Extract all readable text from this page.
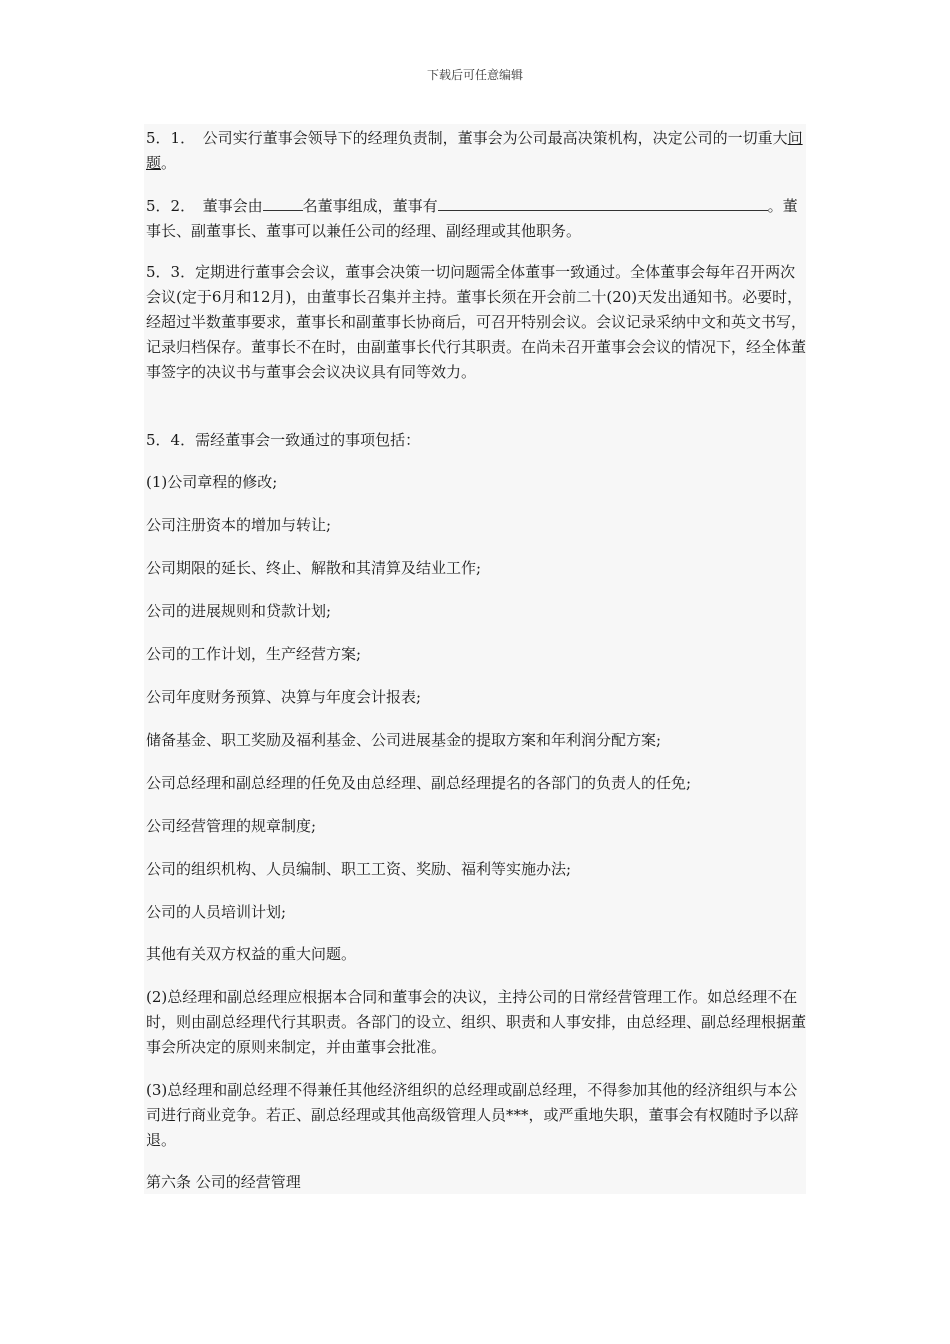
下载后可任意编辑

5．1．　公司实行董事会领导下的经理负责制，董事会为公司最高决策机构，决定公司的一切重大问题。

5．2．　董事会由	名董事组成，董事有	。董事长、副董事长、董事可以兼任公司的经理、副经理或其他职务。

5．3．定期进行董事会会议，董事会决策一切问题需全体董事一致通过。全体董事会每年召开两次会议(定于6月和12月)，由董事长召集并主持。董事长须在开会前二十(20)天发出通知书。必要时，经超过半数董事要求，董事长和副董事长协商后，可召开特别会议。会议记录采纳中文和英文书写，记录归档保存。董事长不在时，由副董事长代行其职责。在尚未召开董事会会议的情况下，经全体董事签字的决议书与董事会会议决议具有同等效力。

5．4．需经董事会一致通过的事项包括：

(1)公司章程的修改;

公司注册资本的增加与转让;

公司期限的延长、终止、解散和其清算及结业工作;

公司的进展规则和贷款计划;

公司的工作计划，生产经营方案;

公司年度财务预算、决算与年度会计报表;

储备基金、职工奖励及福利基金、公司进展基金的提取方案和年利润分配方案;

公司总经理和副总经理的任免及由总经理、副总经理提名的各部门的负责人的任免;

公司经营管理的规章制度;

公司的组织机构、人员编制、职工工资、奖励、福利等实施办法;

公司的人员培训计划;

其他有关双方权益的重大问题。

(2)总经理和副总经理应根据本合同和董事会的决议，主持公司的日常经营管理工作。如总经理不在时，则由副总经理代行其职责。各部门的设立、组织、职责和人事安排，由总经理、副总经理根据董事会所决定的原则来制定，并由董事会批准。

(3)总经理和副总经理不得兼任其他经济组织的总经理或副总经理，不得参加其他的经济组织与本公司进行商业竞争。若正、副总经理或其他高级管理人员***，或严重地失职，董事会有权随时予以辞退。

第六条 公司的经营管理
